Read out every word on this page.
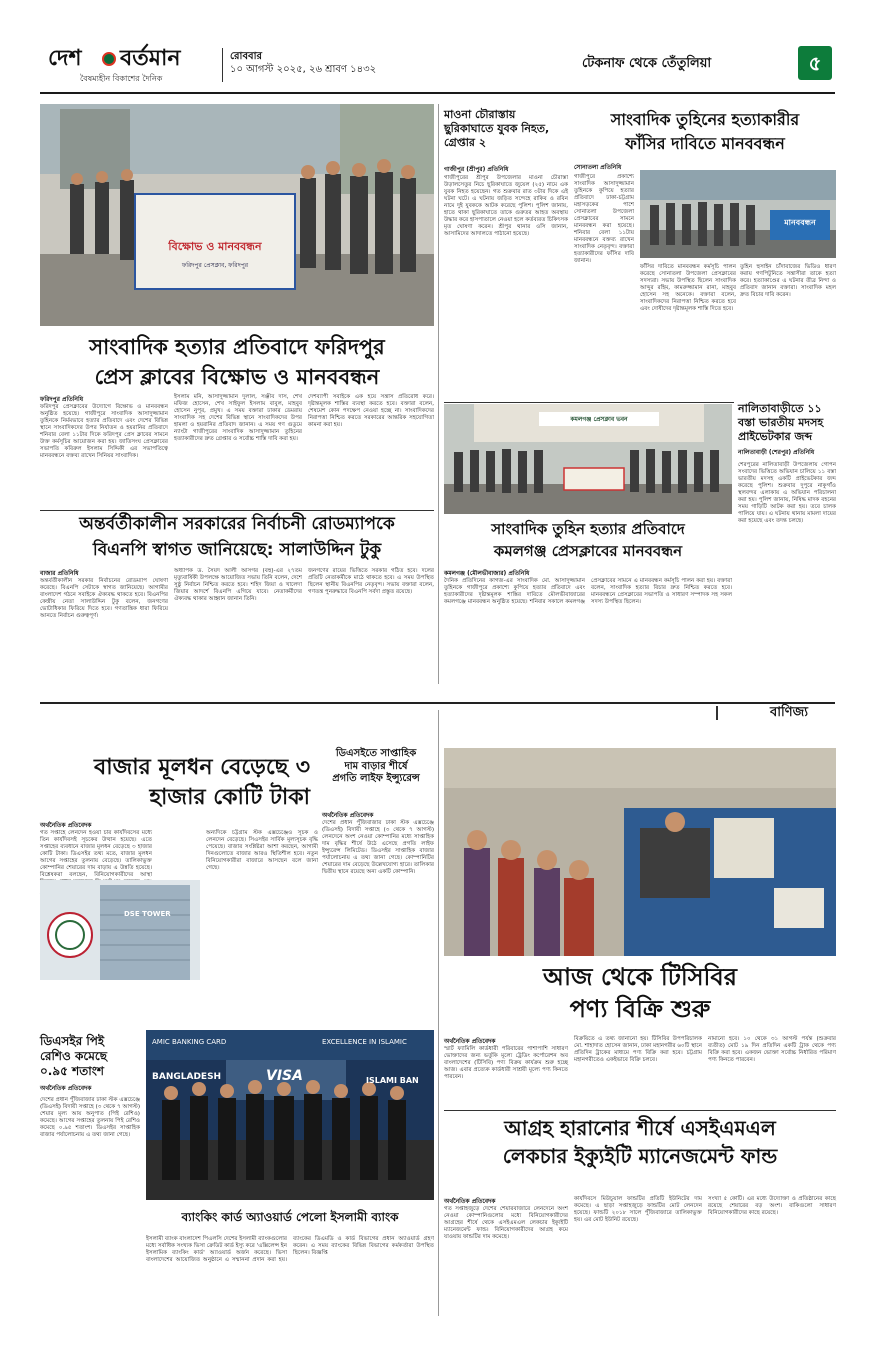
দেশ বর্তমান
বৈষম্যহীন বিকাশের দৈনিক
রোববার
১০ আগস্ট ২০২৫, ২৬ শ্রাবণ ১৪৩২	টেকনাফ থেকে তেঁতুলিয়া	৫
বিক্ষোভ ও মানববন্ধন
ফরিদপুর প্রেসক্লাব, ফরিদপুর
সাংবাদিক হত্যার প্রতিবাদে ফরিদপুর
প্রেস ক্লাবের বিক্ষোভ ও মানববন্ধন
ফরিদপুর প্রতিনিধি
ফরিদপুর প্রেসক্লাবের উদ্যোগে বিক্ষোভ ও মানববন্ধন অনুষ্ঠিত হয়েছে। গাজীপুরে সাংবাদিক আসাদুজ্জামান তুহিনকে নির্মমভাবে হত্যার প্রতিবাদে এবং দেশের বিভিন্ন স্থানে সাংবাদিকদের উপর নির্যাতন ও হয়রানির প্রতিবাদে শনিবার বেলা ১১টার দিকে ফরিদপুর প্রেস ক্লাবের সামনে উক্ত কর্মসূচির আয়োজন করা হয়। জাতিসংঘ প্রেসক্লাবের সভাপতি কবিরুল ইসলাম সিদ্দিকী এর সভাপতিত্বে মানববন্ধনে বক্তব্য রাখেন সিনিয়র সাংবাদিক।
ইসলাম মনি, আসাদুজ্জামান দুলাল, সঞ্জীব দাস, শেখ মফিজ হোসেন, শেখ সাইফুল ইসলাম বাবুল, মাহবুব হোসেন নুপূর, প্রমুখ। এ সময় বক্তারা ঢাকার ডেমরায় সাংবাদিক সহ দেশের বিভিন্ন স্থানে সাংবাদিকদের উপর হামলা ও হয়রানির প্রতিবাদ জানান। এ সময় গণ গুডুমে ন্যাংটা গাজীপুরের সাংবাদিক আসাদুজ্জামান তুহিনের হত্যাকারীদের দ্রুত গ্রেপ্তার ও সর্বোচ্চ শাস্তি দাবি করা হয়।
দেশব্যাপী সবাইকে এক হয়ে সন্ত্রাস প্রতিরোধ করে। দৃষ্টান্তমূলক শাস্তির ব্যবস্থা করতে হবে। বক্তারা বলেন, শেষমেশ কোন পদক্ষেপ নেওয়া হচ্ছে না। সাংবাদিকদের নিরাপত্তা নিশ্চিত করতে সরকারের আন্তরিক সহযোগিতা কামনা করা হয়।
অন্তর্বর্তীকালীন সরকারের নির্বাচনী রোডম্যাপকে
বিএনপি স্বাগত জানিয়েছে: সালাউদ্দিন টুকু
বাজার প্রতিনিধি
অন্তর্বর্তীকালীন সরকার নির্বাচনের রোডম্যাপ ঘোষণা করেছে। বিএনপি সেটাকে স্বাগত জানিয়েছে। আগামীর বাংলাদেশ গঠনে সবাইকে ঐক্যবদ্ধ থাকতে হবে। বিএনপির কেন্দ্রীয় নেতা সালাউদ্দিন টুকু বলেন, জনগণের ভোটাধিকার ফিরিয়ে দিতে হবে। গণতান্ত্রিক ধারা ফিরিয়ে আনতে নির্বাচন গুরুত্বপূর্ণ।
অধ্যাপক ড. সৈয়দ আলী আসগর (বহু)-এর ২৭তম মৃত্যুবার্ষিকী উপলক্ষে আয়োজিত সভায় তিনি বলেন, দেশে সুষ্ঠু নির্বাচন নিশ্চিত করতে হবে। শহিদ জিয়া ও খালেদা জিয়ার আদর্শে বিএনপি এগিয়ে যাবে। নেতাকর্মীদের ঐক্যবদ্ধ থাকার আহ্বান জানান তিনি।
জনগণের রায়ের ভিত্তিতে সরকার গঠিত হবে। দলের প্রতিটি নেতাকর্মীকে মাঠে থাকতে হবে। এ সময় উপস্থিত ছিলেন স্থানীয় বিএনপির নেতৃবৃন্দ। সভায় বক্তারা বলেন, গণতন্ত্র পুনরুদ্ধারে বিএনপি সর্বদা প্রস্তুত রয়েছে।
মাওনা চৌরাস্তায় ছুরিকাঘাতে যুবক নিহত, গ্রেপ্তার ২
গাজীপুর (শ্রীপুর) প্রতিনিধি
গাজীপুরের শ্রীপুর উপজেলার মাওনা চৌরাস্তা উড়ালসেতুর নিচে ছুরিকাঘাতে জুয়েল (২৫) নামে এক যুবক নিহত হয়েছেন। গত শুক্রবার রাত ৩টার দিকে এই ঘটনা ঘটে। এ ঘটনায় জড়িত সন্দেহে রাকিব ও রবিন নামে দুই যুবককে আটক করেছে পুলিশ। পুলিশ জানায়, হাতে থাকা ছুরিকাঘাতে তাকে গুরুতর আহত অবস্থায় উদ্ধার করে হাসপাতালে নেওয়া হলে কর্তব্যরত চিকিৎসক মৃত ঘোষণা করেন। শ্রীপুর থানার ওসি জানান, আসামিদের আদালতে পাঠানো হয়েছে।
সাংবাদিক তুহিনের হত্যাকারীর
ফাঁসির দাবিতে মানববন্ধন
সোনাতলা প্রতিনিধি
গাজীপুরে প্রকাশ্যে সাংবাদিক আসাদুজ্জামান তুহিনকে কুপিয়ে হত্যার প্রতিবাদে ঢাকা-চট্টগ্রাম মহাসড়কের পাশে সোনাতলা উপজেলা প্রেসক্লাবের সামনে মানববন্ধন করা হয়েছে। শনিবার বেলা ১১টায় মানববন্ধনে বক্তব্য রাখেন সাংবাদিক নেতৃবৃন্দ। বক্তারা হত্যাকারীদের ফাঁসির দাবি জানান।
মানববন্ধন
ফাঁসির দাবিতে মানববন্ধন কর্মসূচি পালন করেছে সোনাতলা উপজেলা প্রেসক্লাবের সদস্যরা। সভায় উপস্থিত ছিলেন সাংবাদিক আব্দুর রহিম, কামরুজ্জামান রানা, মাহবুব হোসেন সহ অনেকে। বক্তারা বলেন, সাংবাদিকদের নিরাপত্তা নিশ্চিত করতে হবে এবং দোষীদের দৃষ্টান্তমূলক শাস্তি দিতে হবে।
তুহিন হুসাইন চাঁদাবাজের ভিডিও ধারণ করায় গণপিটুনিতে সন্ত্রাসীরা তাকে হত্যা করে। হত্যাকাণ্ডের এ ঘটনার তীব্র নিন্দা ও প্রতিবাদ জানান বক্তারা। সাংবাদিক মহল দ্রুত বিচার দাবি করেন।
কমলগঞ্জ প্রেসক্লাব ভবন
নালিতাবাড়ীতে ১১ বস্তা ভারতীয় মদসহ প্রাইভেটকার জব্দ
নালিতাবাড়ী (শেরপুর) প্রতিনিধি
শেরপুরের নালিতাবাড়ী উপজেলায় গোপন সংবাদের ভিত্তিতে অভিযান চালিয়ে ১১ বস্তা ভারতীয় মদসহ একটি প্রাইভেটকার জব্দ করেছে পুলিশ। শুক্রবার দুপুরে নাকুগাঁও স্থলবন্দর এলাকায় এ অভিযান পরিচালনা করা হয়। পুলিশ জানায়, নিষিদ্ধ মাদক বহনের সময় গাড়িটি আটক করা হয়। তবে চালক পালিয়ে যায়। এ ঘটনায় থানায় মামলা দায়ের করা হয়েছে এবং তদন্ত চলছে।
সাংবাদিক তুহিন হত্যার প্রতিবাদে
কমলগঞ্জ প্রেসক্লাবের মানববন্ধন
কমলগঞ্জ (মৌলভীবাজার) প্রতিনিধি
দৈনিক প্রতিদিনের কাগজ-এর সাংবাদিক মো. আসাদুজ্জামান তুহিনকে গাজীপুরে প্রকাশ্যে কুপিয়ে হত্যার প্রতিবাদে এবং হত্যাকারীদের দৃষ্টান্তমূলক শাস্তির দাবিতে মৌলভীবাজারের কমলগঞ্জে মানববন্ধন অনুষ্ঠিত হয়েছে। শনিবার সকালে কমলগঞ্জ প্রেসক্লাবের সামনে এ মানববন্ধন কর্মসূচি পালন করা হয়। বক্তারা বলেন, সাংবাদিক হত্যার বিচার দ্রুত নিশ্চিত করতে হবে। মানববন্ধনে প্রেসক্লাবের সভাপতি ও সাধারণ সম্পাদক সহ সকল সদস্য উপস্থিত ছিলেন।
বাণিজ্য
বাজার মূলধন বেড়েছে ৩
হাজার কোটি টাকা
ডিএসইতে সাপ্তাহিক
দাম বাড়ার শীর্ষে
প্রগতি লাইফ ইন্স্যুরেন্স
অর্থনৈতিক প্রতিবেদক
গত সপ্তাহে লেনদেন হওয়া চার কার্যদিবসের মধ্যে তিন কার্যদিবসই সূচকের উত্থান হয়েছে। এতে সপ্তাহের ব্যবধানে বাজার মূলধন বেড়েছে ৩ হাজার কোটি টাকা। ডিএসইর তথ্য মতে, বাজার মূলধন আগের সপ্তাহের তুলনায় বেড়েছে। তালিকাভুক্ত কোম্পানির শেয়ারের দাম বাড়ায় এ উন্নতি হয়েছে। বিশ্লেষকরা বলছেন, বিনিয়োগকারীদের আস্থা
DSE TOWER
অন্যদিকে চট্টগ্রাম স্টক এক্সচেঞ্জেও সূচক ও লেনদেন বেড়েছে। সিএসইর সার্বিক মূল্যসূচক বৃদ্ধি পেয়েছে। বাজার সংশ্লিষ্টরা আশা করছেন, আগামী দিনগুলোতে বাজার আরও স্থিতিশীল হবে। নতুন বিনিয়োগকারীরা বাজারে আসছেন বলে জানা গেছে।
অর্থনৈতিক প্রতিবেদক
দেশের প্রধান পুঁজিবাজার ঢাকা স্টক এক্সচেঞ্জে (ডিএসই) বিদায়ী সপ্তাহে (৩ থেকে ৭ আগস্ট) লেনদেনে অংশ নেওয়া কোম্পানির মধ্যে সাপ্তাহিক দাম বৃদ্ধির শীর্ষে উঠে এসেছে প্রগতি লাইফ ইন্স্যুরেন্স লিমিটেড। ডিএসইর সাপ্তাহিক বাজার পর্যালোচনায় এ তথ্য জানা গেছে। কোম্পানিটির শেয়ারের দাম বেড়েছে উল্লেখযোগ্য হারে। তালিকার দ্বিতীয় স্থানে রয়েছে অন্য একটি কোম্পানি।
ডিএসইর পিই
রেশিও কমেছে
০.৯৫ শতাংশ
অর্থনৈতিক প্রতিবেদক
দেশের প্রধান পুঁজিবাজার ঢাকা স্টক এক্সচেঞ্জে (ডিএসই) বিদায়ী সপ্তাহে (৩ থেকে ৭ আগস্ট) শেয়ার মূল্য আয় অনুপাত (পিই রেশিও) কমেছে। আগের সপ্তাহের তুলনায় পিই রেশিও কমেছে ০.৯৫ শতাংশ। ডিএসইর সাপ্তাহিক বাজার পর্যালোচনায় এ তথ্য জানা গেছে।
AMIC BANKING CARD	EXCELLENCE IN ISLAMIC
VISA
BANGLADESH	ISLAMI BAN
ব্যাংকিং কার্ড অ্যাওয়ার্ড পেলো ইসলামী ব্যাংক
ইসলামী ব্যাংক বাংলাদেশ পিএলসি দেশের ইসলামী ব্যাংকগুলোর মধ্যে সর্বাধিক সংখ্যক ভিসা ক্রেডিট কার্ড ইস্যু করে 'এক্সিলেন্স ইন ইসলামিক ব্যাংকিং কার্ড' অ্যাওয়ার্ড অর্জন করেছে। ভিসা বাংলাদেশের আয়োজিত অনুষ্ঠানে এ সম্মাননা প্রদান করা হয়। ব্যাংকের ডিএমডি ও কার্ড বিভাগের প্রধান অ্যাওয়ার্ড গ্রহণ করেন। এ সময় ব্যাংকের বিভিন্ন বিভাগের কর্মকর্তারা উপস্থিত ছিলেন। বিজ্ঞপ্তি
আজ থেকে টিসিবির
পণ্য বিক্রি শুরু
অর্থনৈতিক প্রতিবেদক
স্মার্ট ফ্যামিলি কার্ডধারী পরিবারের পাশাপাশি সাধারণ ভোক্তাদের জন্য ভর্তুকি মূল্যে ট্রেডিং কর্পোরেশন অব বাংলাদেশের (টিসিবি) পণ্য বিক্রয় কার্যক্রম শুরু হচ্ছে আজ। এবার প্রত্যেক কার্ডধারী সাশ্রয়ী মূল্যে পণ্য কিনতে পারবেন।
বিক্রয়িতে এ তথ্য জানানো হয়। টিসিবির উপপরিচালক মো. শাহাদাত হোসেন জানান, ঢাকা মহানগরীর ৬০টি স্থানে প্রতিদিন ট্রাকের মাধ্যমে পণ্য বিক্রি করা হবে। চট্টগ্রাম মহানগরীতেও একইভাবে বিক্রি চলবে।
নামানো হবে। ১০ থেকে ৩১ আগস্ট পর্যন্ত (শুক্রবার ব্যতীত) মোট ১৯ দিন প্রতিদিন একটি ট্রাক থেকে পণ্য বিক্রি করা হবে। একজন ভোক্তা সর্বোচ্চ নির্ধারিত পরিমাণ পণ্য কিনতে পারবেন।
আগ্রহ হারানোর শীর্ষে এসইএমএল
লেকচার ইক্যুইটি ম্যানেজমেন্ট ফান্ড
অর্থনৈতিক প্রতিবেদক
গত সপ্তাহজুড়ে দেশের শেয়ারবাজারে লেনদেনে অংশ নেওয়া কোম্পানিগুলোর মধ্যে বিনিয়োগকারীদের আগ্রহের শীর্ষে থেকে এসইএমএল লেকচার ইক্যুইটি ম্যানেজমেন্ট ফান্ড। বিনিয়োগকারীদের আগ্রহ কমে যাওয়ায় ফান্ডটির দাম কমেছে।
কার্যদিবসে মিউচুয়াল ফান্ডটির প্রতিটি ইউনিটের দাম কমেছে। এ ছাড়া সপ্তাহজুড়ে ফান্ডটির মোট লেনদেন হয়েছে। ফান্ডটি ২০১৮ সালে পুঁজিবাজারে তালিকাভুক্ত হয়। এর মোট ইউনিট রয়েছে।
সংখ্যা ৫ কোটি। এর মধ্যে উদ্যোক্তা ও প্রতিষ্ঠানের কাছে রয়েছে শেয়ারের বড় অংশ। বাকিগুলো সাধারণ বিনিয়োগকারীদের কাছে রয়েছে।
